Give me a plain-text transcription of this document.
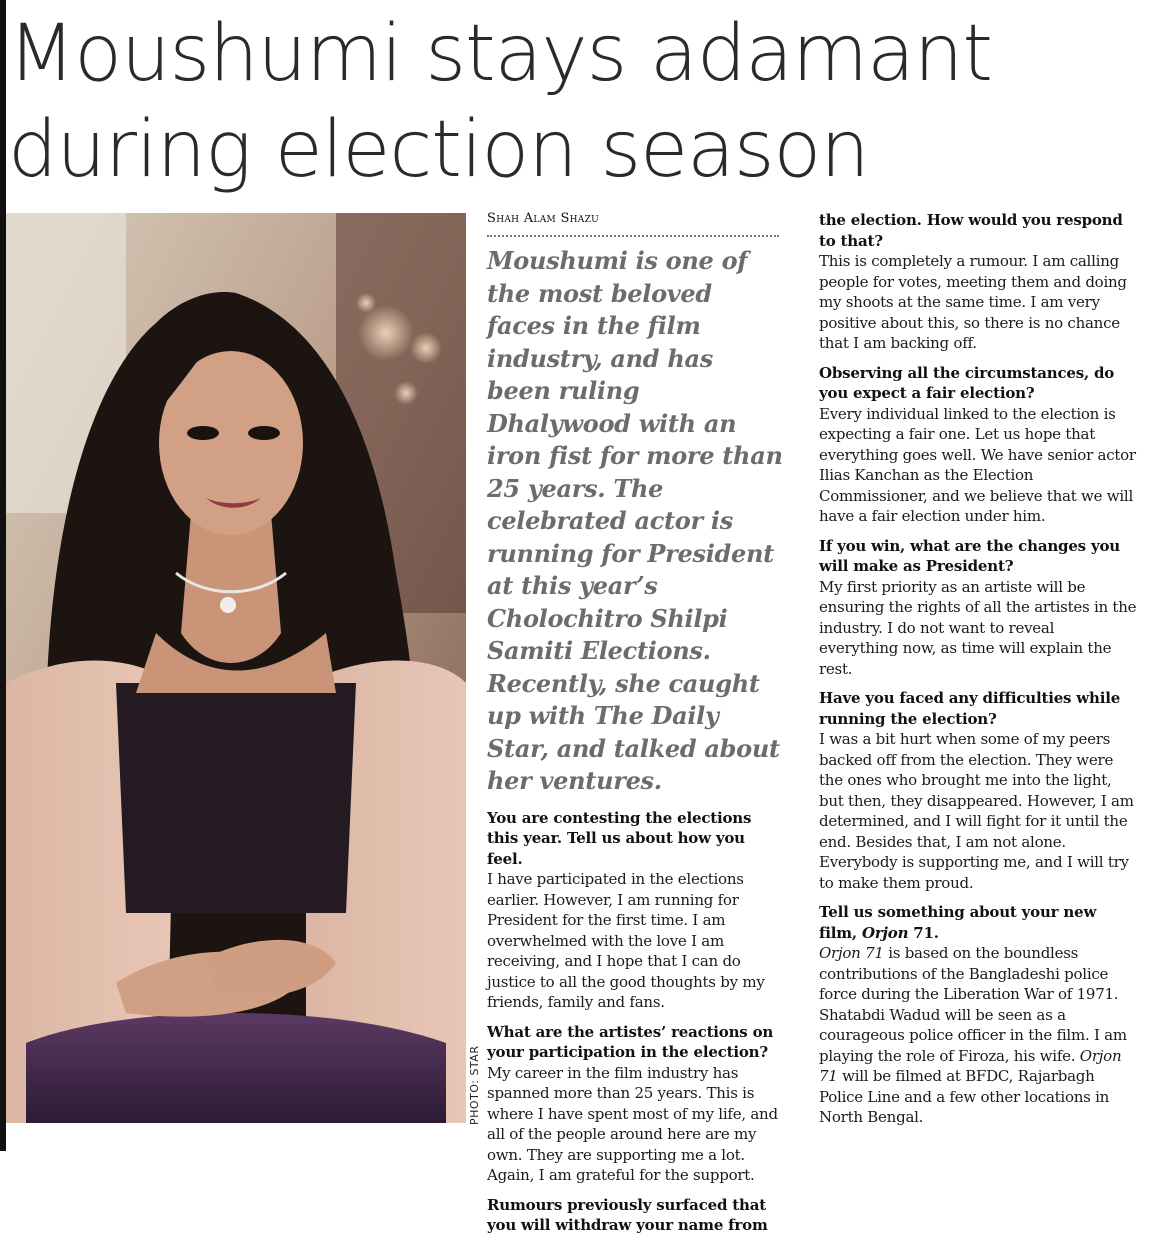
Moushumi stays adamant during election season
PHOTO: STAR
Shah Alam Shazu

Moushumi is one of the most beloved faces in the film industry, and has been ruling Dhalywood with an iron fist for more than 25 years. The celebrated actor is running for President at this year’s Cholochitro Shilpi Samiti Elections. Recently, she caught up with The Daily Star, and talked about her ventures.

You are contesting the elections this year. Tell us about how you feel.

I have participated in the elections earlier. However, I am running for President for the first time. I am overwhelmed with the love I am receiving, and I hope that I can do justice to all the good thoughts by my friends, family and fans.

What are the artistes’ reactions on your participation in the election?

My career in the film industry has spanned more than 25 years. This is where I have spent most of my life, and all of the people around here are my own. They are supporting me a lot. Again, I am grateful for the support.

Rumours previously surfaced that you will withdraw your name from

the election. How would you respond to that?

This is completely a rumour. I am calling people for votes, meeting them and doing my shoots at the same time. I am very positive about this, so there is no chance that I am backing off.

Observing all the circumstances, do you expect a fair election?

Every individual linked to the election is expecting a fair one. Let us hope that everything goes well. We have senior actor Ilias Kanchan as the Election Commissioner, and we believe that we will have a fair election under him.

If you win, what are the changes you will make as President?

My first priority as an artiste will be ensuring the rights of all the artistes in the industry. I do not want to reveal everything now, as time will explain the rest.

Have you faced any difficulties while running the election?

I was a bit hurt when some of my peers backed off from the election. They were the ones who brought me into the light, but then, they disappeared. However, I am determined, and I will fight for it until the end. Besides that, I am not alone. Everybody is supporting me, and I will try to make them proud.

Tell us something about your new film, Orjon 71.

Orjon 71 is based on the boundless contributions of the Bangladeshi police force during the Liberation War of 1971. Shatabdi Wadud will be seen as a courageous police officer in the film. I am playing the role of Firoza, his wife. Orjon 71 will be filmed at BFDC, Rajarbagh Police Line and a few other locations in North Bengal.
